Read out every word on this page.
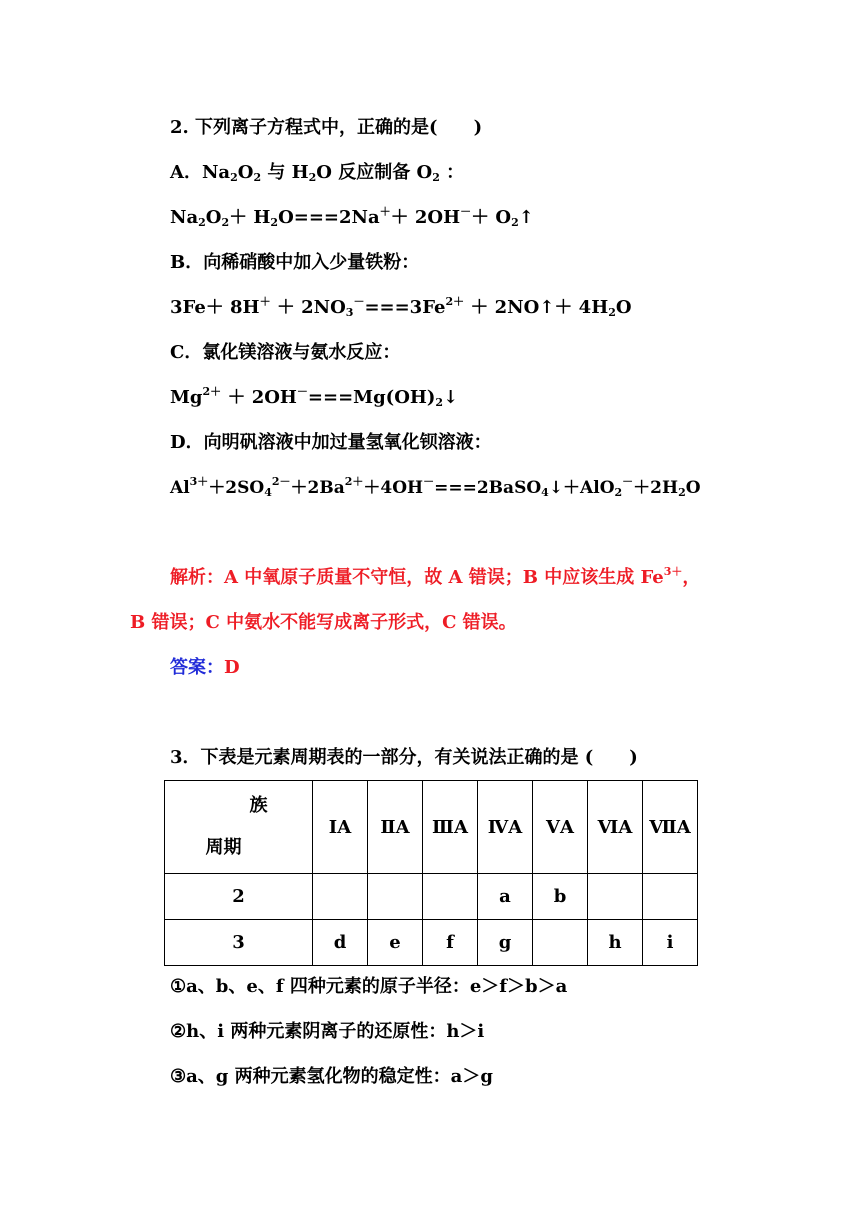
2. 下列离子方程式中，正确的是(　　)
A．$Na_2O_2$ 与 $H_2O$ 反应制备 $O_2$ ：
$Na_2O_2+ H_2O===2Na^++ 2OH^-+$ $O_2↑$
B．向稀硝酸中加入少量铁粉：
$3Fe+ 8H^+ + 2NO_3^-===3Fe^{2+}$ ＋ 2NO↑＋ $4H_2O$
C．氯化镁溶液与氨水反应：
$Mg^{2+}$ ＋ $2OH^-===Mg(OH)_2↓$
D．向明矾溶液中加过量氢氧化钡溶液：
$Al^{3+}+2SO_4^{2-}+2Ba^{2+}+4OH^-===2BaSO_4↓+AlO_2^-+2H_2O$
解析：A 中氧原子质量不守恒，故 A 错误；B 中应该生成 $Fe^{3+}$，
B 错误；C 中氨水不能写成离子形式，C 错误。
答案：D
3．下表是元素周期表的一部分，有关说法正确的是 (　　)
族
周期	ⅠA	ⅡA	ⅢA	ⅣA	ⅤA	ⅥA	ⅦA
2				a	b		
3	d	e	f	g		h	i
①a、b、e、f 四种元素的原子半径：e＞f＞b＞a
②h、i 两种元素阴离子的还原性：h＞i
③a、g 两种元素氢化物的稳定性：a＞g
